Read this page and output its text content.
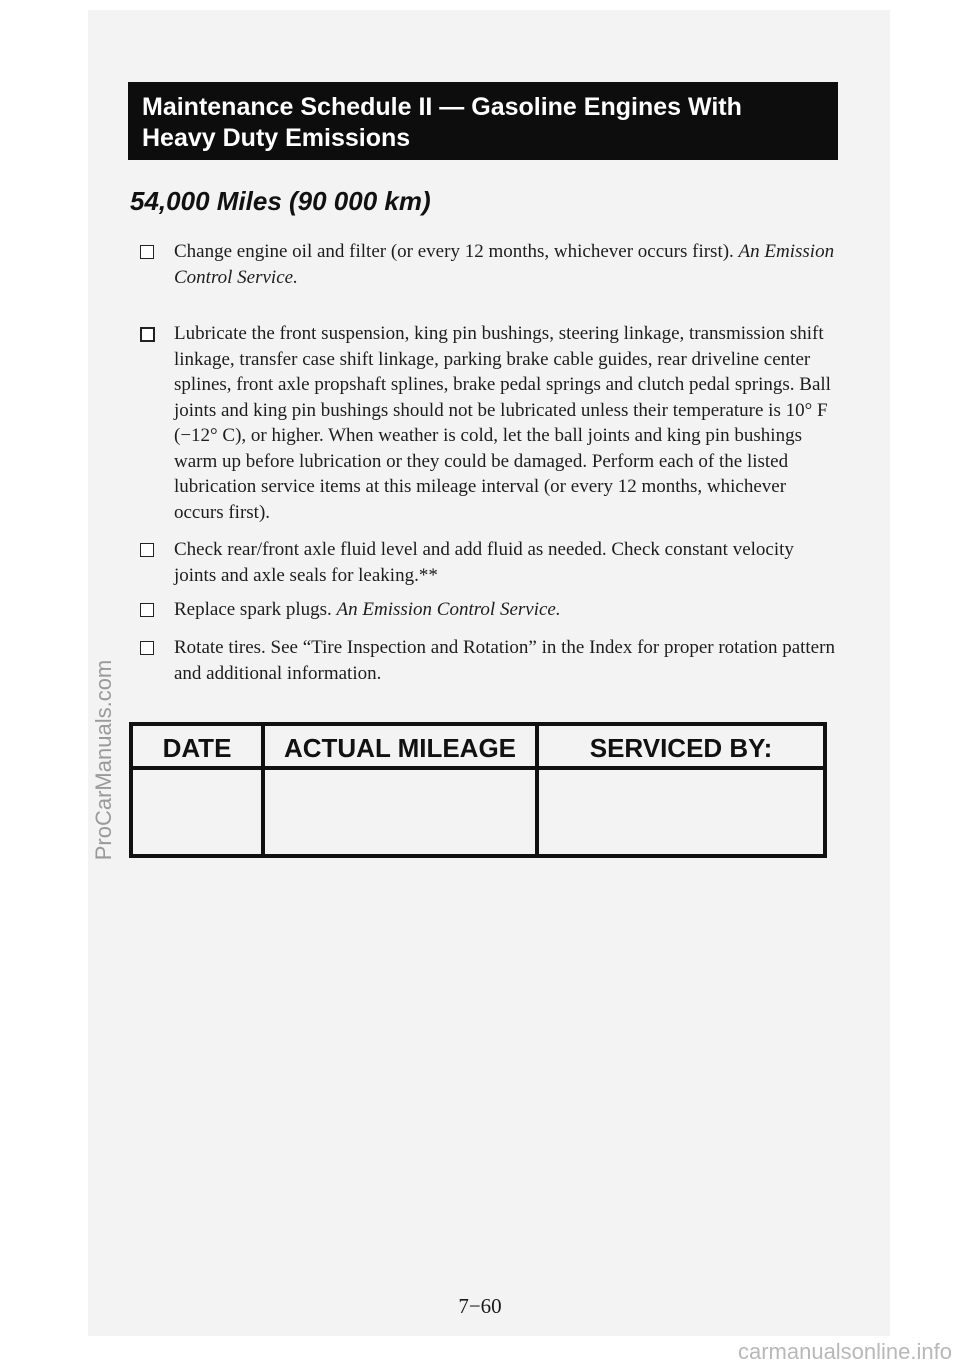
Maintenance Schedule II — Gasoline Engines With
Heavy Duty Emissions
54,000 Miles (90 000 km)
Change engine oil and filter (or every 12 months, whichever occurs first). An Emission Control Service.
Lubricate the front suspension, king pin bushings, steering linkage, transmission shift linkage, transfer case shift linkage, parking brake cable guides, rear driveline center splines, front axle propshaft splines, brake pedal springs and clutch pedal springs. Ball joints and king pin bushings should not be lubricated unless their temperature is 10° F (−12° C), or higher. When weather is cold, let the ball joints and king pin bushings warm up before lubrication or they could be damaged. Perform each of the listed lubrication service items at this mileage interval (or every 12 months, whichever occurs first).
Check rear/front axle fluid level and add fluid as needed. Check constant velocity joints and axle seals for leaking.**
Replace spark plugs. An Emission Control Service.
Rotate tires. See “Tire Inspection and Rotation” in the Index for proper rotation pattern and additional information.
DATE	ACTUAL MILEAGE	SERVICED BY:
7−60
ProCarManuals.com
carmanualsonline.info
